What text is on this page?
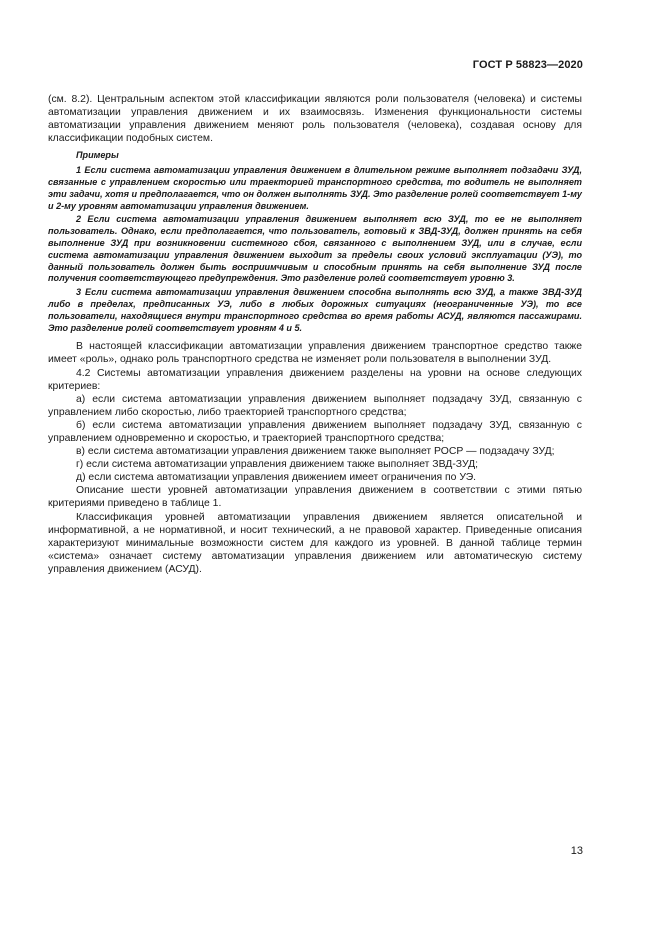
ГОСТ Р 58823—2020

(см. 8.2). Центральным аспектом этой классификации являются роли пользователя (человека) и системы автоматизации управления движением и их взаимосвязь. Изменения функциональности системы автоматизации управления движением меняют роль пользователя (человека), создавая основу для классификации подобных систем.

Примеры

1 Если система автоматизации управления движением в длительном режиме выполняет подзадачи ЗУД, связанные с управлением скоростью или траекторией транспортного средства, то водитель не выполняет эти задачи, хотя и предполагается, что он должен выполнять ЗУД. Это разделение ролей соответствует 1-му и 2-му уровням автоматизации управления движением.

2 Если система автоматизации управления движением выполняет всю ЗУД, то ее не выполняет пользователь. Однако, если предполагается, что пользователь, готовый к ЗВД-ЗУД, должен принять на себя выполнение ЗУД при возникновении системного сбоя, связанного с выполнением ЗУД, или в случае, если система автоматизации управления движением выходит за пределы своих условий эксплуатации (УЭ), то данный пользователь должен быть восприимчивым и способным принять на себя выполнение ЗУД после получения соответствующего предупреждения. Это разделение ролей соответствует уровню 3.

3 Если система автоматизации управления движением способна выполнять всю ЗУД, а также ЗВД-ЗУД либо в пределах, предписанных УЭ, либо в любых дорожных ситуациях (неограниченные УЭ), то все пользователи, находящиеся внутри транспортного средства во время работы АСУД, являются пассажирами. Это разделение ролей соответствует уровням 4 и 5.

В настоящей классификации автоматизации управления движением транспортное средство также имеет «роль», однако роль транспортного средства не изменяет роли пользователя в выполнении ЗУД.

4.2 Системы автоматизации управления движением разделены на уровни на основе следующих критериев:

а) если система автоматизации управления движением выполняет подзадачу ЗУД, связанную с управлением либо скоростью, либо траекторией транспортного средства;

б) если система автоматизации управления движением выполняет подзадачу ЗУД, связанную с управлением одновременно и скоростью, и траекторией транспортного средства;

в) если система автоматизации управления движением также выполняет РОСР — подзадачу ЗУД;

г) если система автоматизации управления движением также выполняет ЗВД-ЗУД;

д) если система автоматизации управления движением имеет ограничения по УЭ.

Описание шести уровней автоматизации управления движением в соответствии с этими пятью критериями приведено в таблице 1.

Классификация уровней автоматизации управления движением является описательной и информативной, а не нормативной, и носит технический, а не правовой характер. Приведенные описания характеризуют минимальные возможности систем для каждого из уровней. В данной таблице термин «система» означает систему автоматизации управления движением или автоматическую систему управления движением (АСУД).

13
